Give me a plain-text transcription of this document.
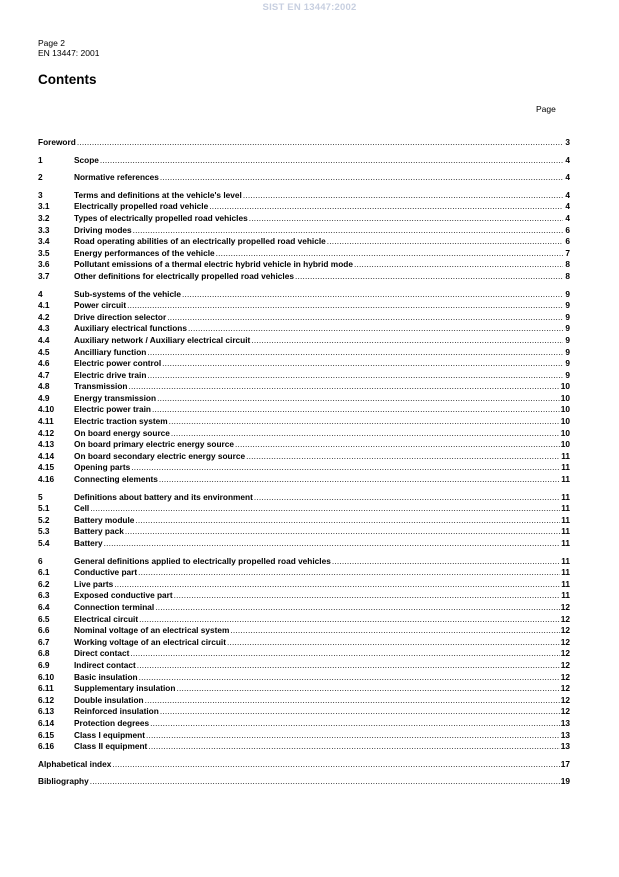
SIST EN 13447:2002
Page 2
EN 13447: 2001
Contents
Page
Foreword .....	3
1	Scope .....	4
2	Normative references .....	4
3	Terms and definitions at the vehicle's level .....	4
3.1	Electrically propelled road vehicle .....	4
3.2	Types of electrically propelled road vehicles .....	4
3.3	Driving modes .....	6
3.4	Road operating abilities of an electrically propelled road vehicle .....	6
3.5	Energy performances of the vehicle .....	7
3.6	Pollutant emissions of a thermal electric hybrid vehicle in hybrid mode .....	8
3.7	Other definitions for electrically propelled road vehicles .....	8
4	Sub-systems of the vehicle .....	9
4.1	Power circuit .....	9
4.2	Drive direction selector .....	9
4.3	Auxiliary electrical functions .....	9
4.4	Auxiliary network / Auxiliary electrical circuit .....	9
4.5	Ancilliary function .....	9
4.6	Electric power control .....	9
4.7	Electric drive train .....	9
4.8	Transmission .....	10
4.9	Energy transmission .....	10
4.10	Electric power train .....	10
4.11	Electric traction system .....	10
4.12	On board energy source .....	10
4.13	On board primary electric energy source .....	10
4.14	On board secondary electric energy source .....	11
4.15	Opening parts .....	11
4.16	Connecting elements .....	11
5	Definitions about battery and its environment .....	11
5.1	Cell .....	11
5.2	Battery module .....	11
5.3	Battery pack .....	11
5.4	Battery .....	11
6	General definitions applied to electrically propelled road vehicles .....	11
6.1	Conductive part .....	11
6.2	Live parts .....	11
6.3	Exposed conductive part .....	11
6.4	Connection terminal .....	12
6.5	Electrical circuit .....	12
6.6	Nominal voltage of an electrical system .....	12
6.7	Working voltage of an electrical circuit .....	12
6.8	Direct contact .....	12
6.9	Indirect contact .....	12
6.10	Basic insulation .....	12
6.11	Supplementary insulation .....	12
6.12	Double insulation .....	12
6.13	Reinforced insulation .....	12
6.14	Protection degrees .....	13
6.15	Class I equipment .....	13
6.16	Class II equipment .....	13
Alphabetical index .....	17
Bibliography .....	19
